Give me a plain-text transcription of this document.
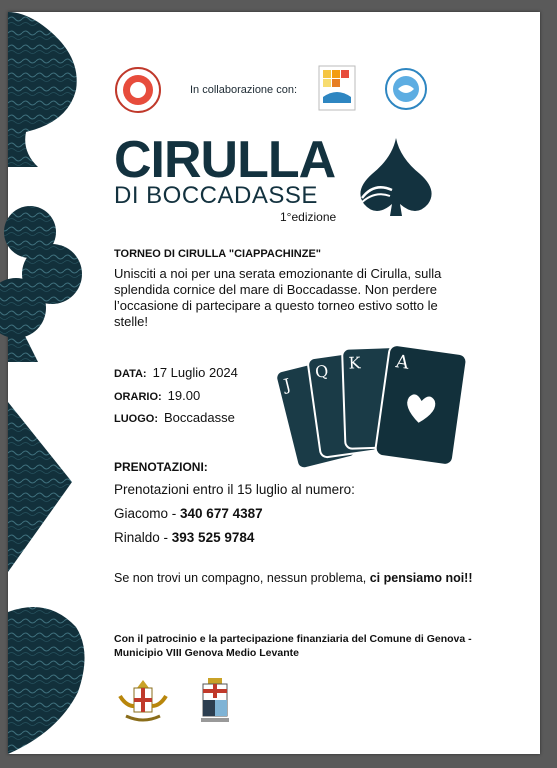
In collaborazione con:
CIRULLA
DI BOCCADASSE
1°edizione
TORNEO DI CIRULLA "CIAPPACHINZE"
Unisciti a noi per una serata emozionante di Cirulla, sulla splendida cornice del mare di Boccadasse. Non perdere l’occasione di partecipare a questo torneo estivo sotto le stelle!
DATA: 17 Luglio 2024
ORARIO: 19.00
LUOGO: Boccadasse
J
Q K A
PRENOTAZIONI:
Prenotazioni entro il 15 luglio al numero:
Giacomo - 340 677 4387
Rinaldo - 393 525 9784
Se non trovi un compagno, nessun problema, ci pensiamo noi!!
Con il patrocinio e la partecipazione finanziaria del Comune di Genova - Municipio VIII Genova Medio Levante
